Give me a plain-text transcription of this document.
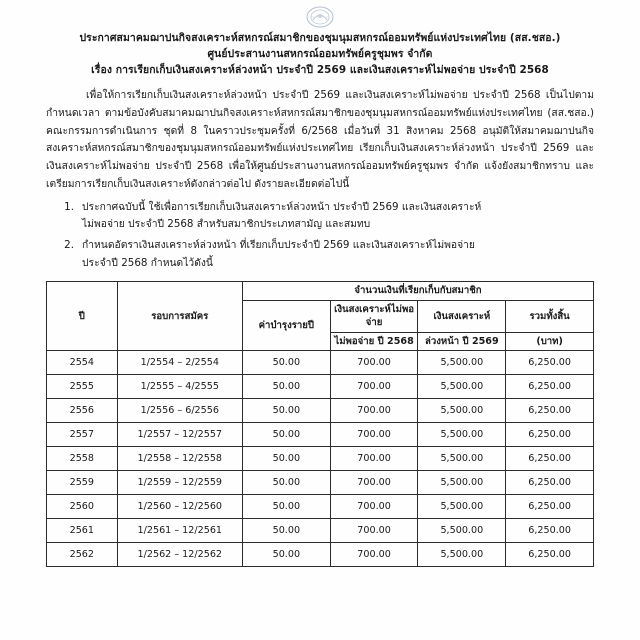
ประกาศสมาคมฌาปนกิจสงเคราะห์สหกรณ์สมาชิกของชุมนุมสหกรณ์ออมทรัพย์แห่งประเทศไทย (สส.ชสอ.)
ศูนย์ประสานงานสหกรณ์ออมทรัพย์ครูชุมพร จำกัด
เรื่อง การเรียกเก็บเงินสงเคราะห์ล่วงหน้า ประจำปี 2569 และเงินสงเคราะห์ไม่พอจ่าย ประจำปี 2568

เพื่อให้การเรียกเก็บเงินสงเคราะห์ล่วงหน้า ประจำปี 2569 และเงินสงเคราะห์ไม่พอจ่าย ประจำปี 2568 เป็นไปตามกำหนดเวลา ตามข้อบังคับสมาคมฌาปนกิจสงเคราะห์สหกรณ์สมาชิกของชุมนุมสหกรณ์ออมทรัพย์แห่งประเทศไทย (สส.ชสอ.) คณะกรรมการดำเนินการ ชุดที่ 8 ในคราวประชุมครั้งที่ 6/2568 เมื่อวันที่ 31 สิงหาคม 2568 อนุมัติให้สมาคมฌาปนกิจสงเคราะห์สหกรณ์สมาชิกของชุมนุมสหกรณ์ออมทรัพย์แห่งประเทศไทย เรียกเก็บเงินสงเคราะห์ล่วงหน้า ประจำปี 2569 และเงินสงเคราะห์ไม่พอจ่าย ประจำปี 2568 เพื่อให้ศูนย์ประสานงานสหกรณ์ออมทรัพย์ครูชุมพร จำกัด แจ้งยังสมาชิกทราบ และเตรียมการเรียกเก็บเงินสงเคราะห์ดังกล่าวต่อไป ดังรายละเอียดต่อไปนี้

1. ประกาศฉบับนี้ ใช้เพื่อการเรียกเก็บเงินสงเคราะห์ล่วงหน้า ประจำปี 2569 และเงินสงเคราะห์
ไม่พอจ่าย ประจำปี 2568 สำหรับสมาชิกประเภทสามัญ และสมทบ
2. กำหนดอัตราเงินสงเคราะห์ล่วงหน้า ที่เรียกเก็บประจำปี 2569 และเงินสงเคราะห์ไม่พอจ่าย
ประจำปี 2568 กำหนดไว้ดังนี้
ปี	รอบการสมัคร	จำนวนเงินที่เรียกเก็บกับสมาชิก			
		ค่าบำรุงรายปี	เงินสงเคราะห์ไม่พอจ่าย	เงินสงเคราะห์	รวมทั้งสิ้น
			ไม่พอจ่าย ปี 2568	ล่วงหน้า ปี 2569	(บาท)
2554	1/2554 – 2/2554	50.00	700.00	5,500.00	6,250.00
2555	1/2555 – 4/2555	50.00	700.00	5,500.00	6,250.00
2556	1/2556 – 6/2556	50.00	700.00	5,500.00	6,250.00
2557	1/2557 – 12/2557	50.00	700.00	5,500.00	6,250.00
2558	1/2558 – 12/2558	50.00	700.00	5,500.00	6,250.00
2559	1/2559 – 12/2559	50.00	700.00	5,500.00	6,250.00
2560	1/2560 – 12/2560	50.00	700.00	5,500.00	6,250.00
2561	1/2561 – 12/2561	50.00	700.00	5,500.00	6,250.00
2562	1/2562 – 12/2562	50.00	700.00	5,500.00	6,250.00
